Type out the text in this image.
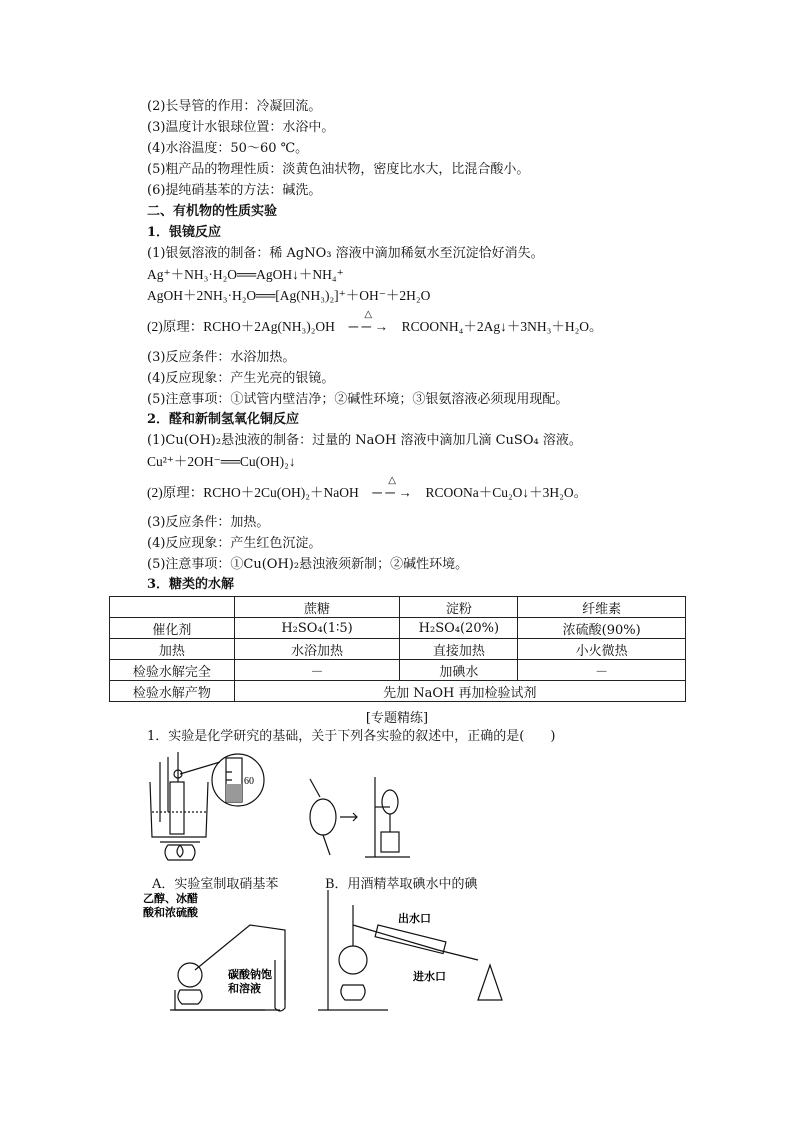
(2)长导管的作用：冷凝回流。
(3)温度计水银球位置：水浴中。
(4)水浴温度：50～60 ℃。
(5)粗产品的物理性质：淡黄色油状物，密度比水大，比混合酸小。
(6)提纯硝基苯的方法：碱洗。
二、有机物的性质实验
1．银镜反应
(1)银氨溶液的制备：稀 AgNO₃ 溶液中滴加稀氨水至沉淀恰好消失。
Ag⁺＋NH₃·H₂O══AgOH↓＋NH₄⁺
AgOH＋2NH₃·H₂O══[Ag(NH₃)₂]⁺＋OH⁻＋2H₂O
(2)原理：RCHO＋2Ag(NH₃)₂OH
△
─ ─ → RCOONH₄＋2Ag↓＋3NH₃＋H₂O。
(3)反应条件：水浴加热。
(4)反应现象：产生光亮的银镜。
(5)注意事项：①试管内壁洁净；②碱性环境；③银氨溶液必须现用现配。
2．醛和新制氢氧化铜反应
(1)Cu(OH)₂悬浊液的制备：过量的 NaOH 溶液中滴加几滴 CuSO₄ 溶液。
Cu²⁺＋2OH⁻══Cu(OH)₂↓
(2)原理：RCHO＋2Cu(OH)₂＋NaOH
△
─ ─ → RCOONa＋Cu₂O↓＋3H₂O。
(3)反应条件：加热。
(4)反应现象：产生红色沉淀。
(5)注意事项：①Cu(OH)₂悬浊液须新制；②碱性环境。
3．糖类的水解
	蔗糖	淀粉	纤维素
催化剂	H₂SO₄(1∶5)	H₂SO₄(20%)	浓硫酸(90%)
加热	水浴加热	直接加热	小火微热
检验水解完全	－	加碘水	－
检验水解产物	先加 NaOH 再加检验试剂		
[专题精练]
1．实验是化学研究的基础，关于下列各实验的叙述中，正确的是(　　)
60
A．实验室制取硝基苯	B．用酒精萃取碘水中的碘
乙醇、冰醋
酸和浓硫酸
碳酸钠饱
和溶液
出水口
进水口
